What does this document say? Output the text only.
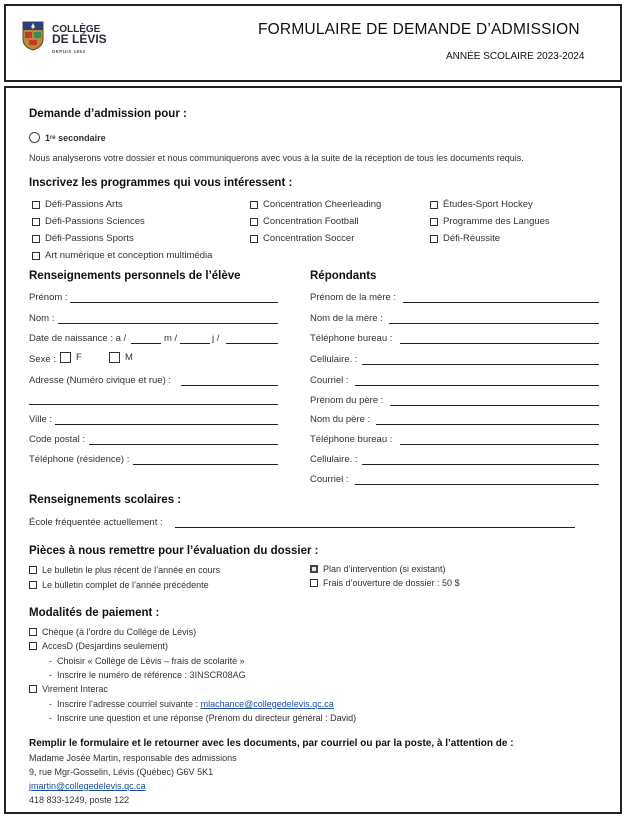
COLLÈGE
DE LÉVIS
DEPUIS 1853
FORMULAIRE DE DEMANDE D’ADMISSION
ANNÉE SCOLAIRE 2023-2024
Demande d’admission pour :
1ʳᵉ secondaire
Nous analyserons votre dossier et nous communiquerons avec vous à la suite de la réception de tous les documents requis.
Inscrivez les programmes qui vous intéressent :
Défi-Passions Arts
Défi-Passions Sciences
Défi-Passions Sports
Art numérique et conception multimédia
Concentration Cheerleading
Concentration Football
Concentration Soccer
Études-Sport Hockey
Programme des Langues
Défi-Réussite
Renseignements personnels de l’élève
Prénom :
Nom :
Date de naissance : a /	m /	j /
Sexe : F	M
Adresse (Numéro civique et rue) :
Ville :
Code postal :
Téléphone (résidence) :
Répondants
Prénom de la mère :
Nom de la mère :
Téléphone bureau :
Cellulaire. :
Courriel :
Prénom du père :
Nom du père :
Téléphone bureau :
Cellulaire. :
Courriel :
Renseignements scolaires :
École fréquentée actuellement :
Pièces à nous remettre pour l’évaluation du dossier :
Le bulletin le plus récent de l’année en cours
Le bulletin complet de l’année précédente
Plan d’intervention (si existant)
Frais d’ouverture de dossier : 50 $
Modalités de paiement :
Chèque (à l’ordre du Collège de Lévis)
AccesD (Desjardins seulement)
-  Choisir « Collège de Lévis – frais de scolarité »
-  Inscrire le numéro de référence : 3INSCR08AG
Virement Interac
-  Inscrire l’adresse courriel suivante : mlachance@collegedelevis.qc.ca
-  Inscrire une question et une réponse (Prénom du directeur général : David)
Remplir le formulaire et le retourner avec les documents, par courriel ou par la poste, à l’attention de :
Madame Josée Martin, responsable des admissions
9, rue Mgr-Gosselin, Lévis (Québec) G6V 5K1
jmartin@collegedelevis.qc.ca
418 833-1249, poste 122
